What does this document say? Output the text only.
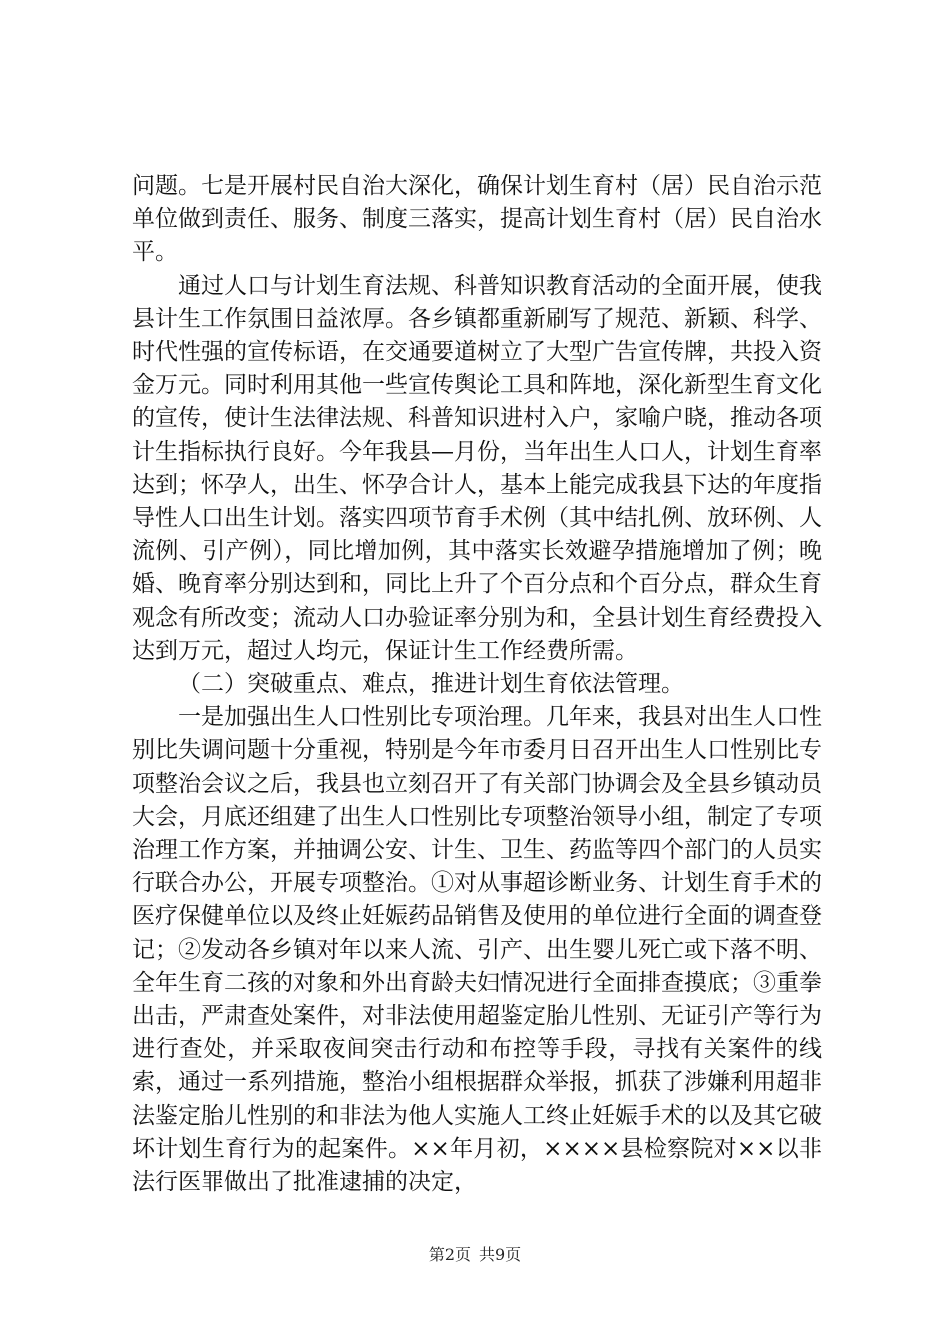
问题。七是开展村民自治大深化，确保计划生育村（居）民自治示范单位做到责任、服务、制度三落实，提高计划生育村（居）民自治水平。

通过人口与计划生育法规、科普知识教育活动的全面开展，使我县计生工作氛围日益浓厚。各乡镇都重新刷写了规范、新颖、科学、时代性强的宣传标语，在交通要道树立了大型广告宣传牌，共投入资金万元。同时利用其他一些宣传舆论工具和阵地，深化新型生育文化的宣传，使计生法律法规、科普知识进村入户，家喻户晓，推动各项计生指标执行良好。今年我县—月份，当年出生人口人，计划生育率达到；怀孕人，出生、怀孕合计人，基本上能完成我县下达的年度指导性人口出生计划。落实四项节育手术例（其中结扎例、放环例、人流例、引产例），同比增加例，其中落实长效避孕措施增加了例；晚婚、晚育率分别达到和，同比上升了个百分点和个百分点，群众生育观念有所改变；流动人口办验证率分别为和，全县计划生育经费投入达到万元，超过人均元，保证计生工作经费所需。

（二）突破重点、难点，推进计划生育依法管理。

一是加强出生人口性别比专项治理。几年来，我县对出生人口性别比失调问题十分重视，特别是今年市委月日召开出生人口性别比专项整治会议之后，我县也立刻召开了有关部门协调会及全县乡镇动员大会，月底还组建了出生人口性别比专项整治领导小组，制定了专项治理工作方案，并抽调公安、计生、卫生、药监等四个部门的人员实行联合办公，开展专项整治。①对从事超诊断业务、计划生育手术的医疗保健单位以及终止妊娠药品销售及使用的单位进行全面的调查登记；②发动各乡镇对年以来人流、引产、出生婴儿死亡或下落不明、全年生育二孩的对象和外出育龄夫妇情况进行全面排查摸底；③重拳出击，严肃查处案件，对非法使用超鉴定胎儿性别、无证引产等行为进行查处，并采取夜间突击行动和布控等手段，寻找有关案件的线索，通过一系列措施，整治小组根据群众举报，抓获了涉嫌利用超非法鉴定胎儿性别的和非法为他人实施人工终止妊娠手术的以及其它破坏计划生育行为的起案件。××年月初，××××县检察院对××以非法行医罪做出了批准逮捕的决定，

第2页 共9页
